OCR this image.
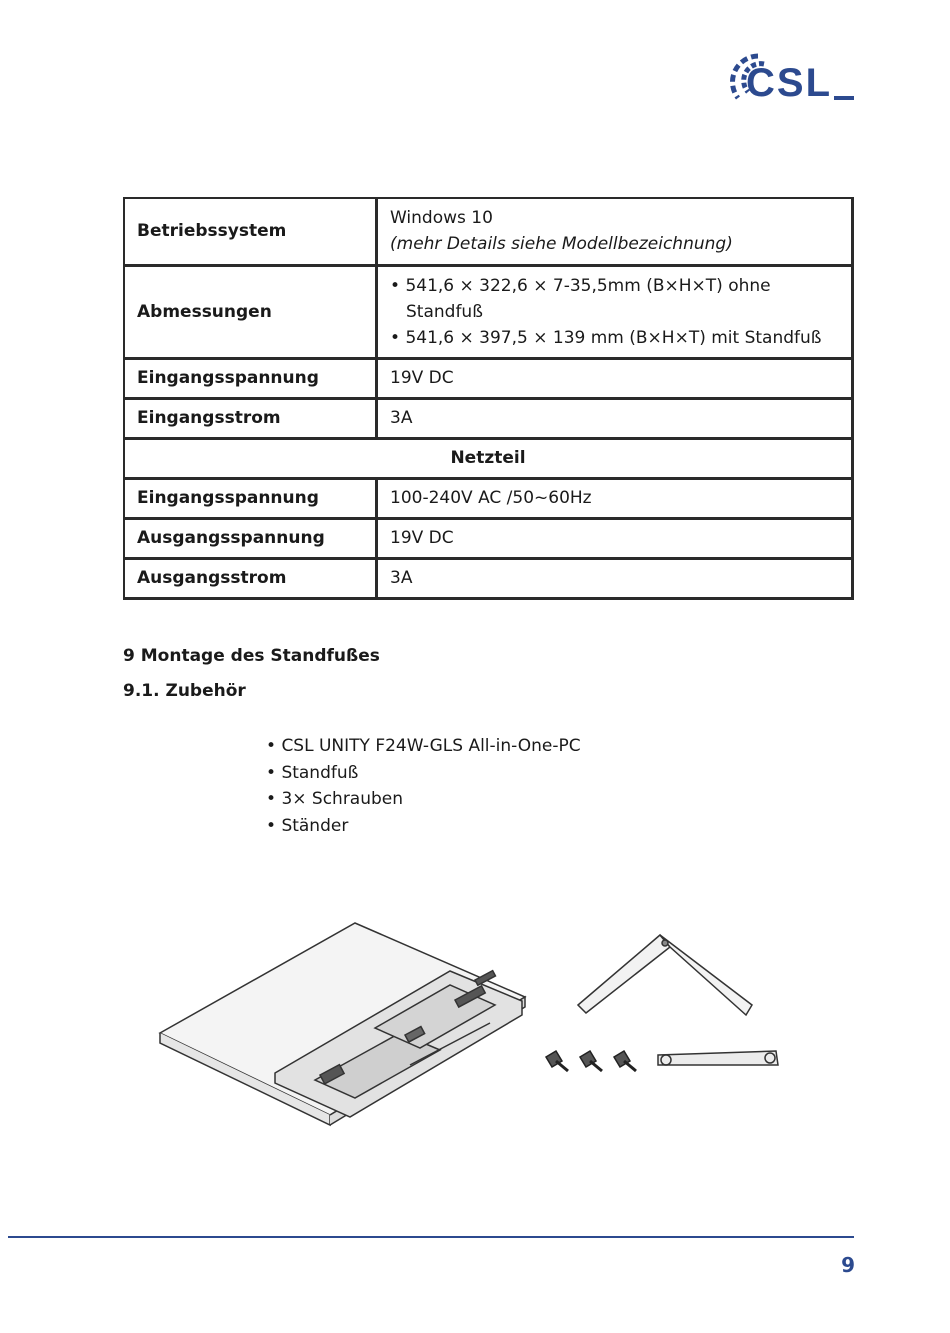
CSL
Betriebssystem	Windows 10
(mehr Details siehe Modellbezeichnung)

Abmessungen	• 541,6 × 322,6 × 7-35,5mm (B×H×T) ohne Standfuß
• 541,6 × 397,5 × 139 mm (B×H×T) mit Standfuß

Eingangsspannung	19V DC
Eingangsstrom	3A
Netzteil	
Eingangsspannung	100-240V AC /50~60Hz
Ausgangsspannung	19V DC
Ausgangsstrom	3A
9 Montage des Standfußes
9.1. Zubehör
• CSL UNITY F24W-GLS All-in-One-PC
• Standfuß
• 3× Schrauben
• Ständer
9
